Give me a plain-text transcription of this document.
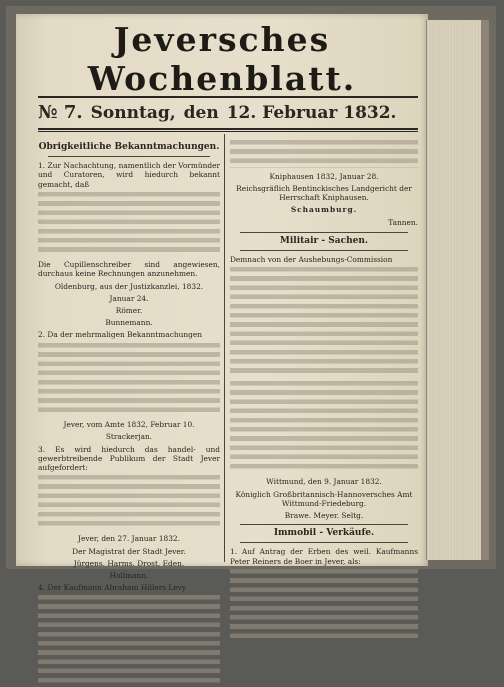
Jeversches Wochenblatt.
№ 7. Sonntag, den 12. Februar 1832.
Obrigkeitliche Bekanntmachungen.

1. Zur Nachachtung, namentlich der Vormünder und Curatoren, wird hiedurch bekannt gemacht, daß

Die Cupillenschreiber sind angewiesen, durchaus keine Rechnungen anzunehmen.

Oldenburg, aus der Justizkanzlei, 1832.

Januar 24.

Römer.

Bunnemann.

2. Da der mehrmaligen Bekanntmachungen

Jever, vom Amte 1832, Februar 10.

Strackerjan.

3. Es wird hiedurch das handel- und gewerbtreibende Publikum der Stadt Jever aufgefordert:

Jever, den 27. Januar 1832.

Der Magistrat der Stadt Jever.

Jürgens. Harms. Drost. Eden.

Hollmann.

4. Der Kaufmann Abraham Hillers Levy

Kniphausen 1832, Januar 28.

Reichsgräflich Bentinckisches Landgericht der Herrschaft Kniphausen.

Schaumburg.

Tannen.

Militair - Sachen.

Demnach von der Aushebungs-Commission

Wittmund, den 9. Januar 1832.

Königlich Großbritannisch-Hannoversches Amt Wittmund-Friedeburg.

Brawe. Meyer. Seltg.

Immobil - Verkäufe.

1. Auf Antrag der Erben des weil. Kaufmanns Peter Reiners de Boer in Jever, als:
